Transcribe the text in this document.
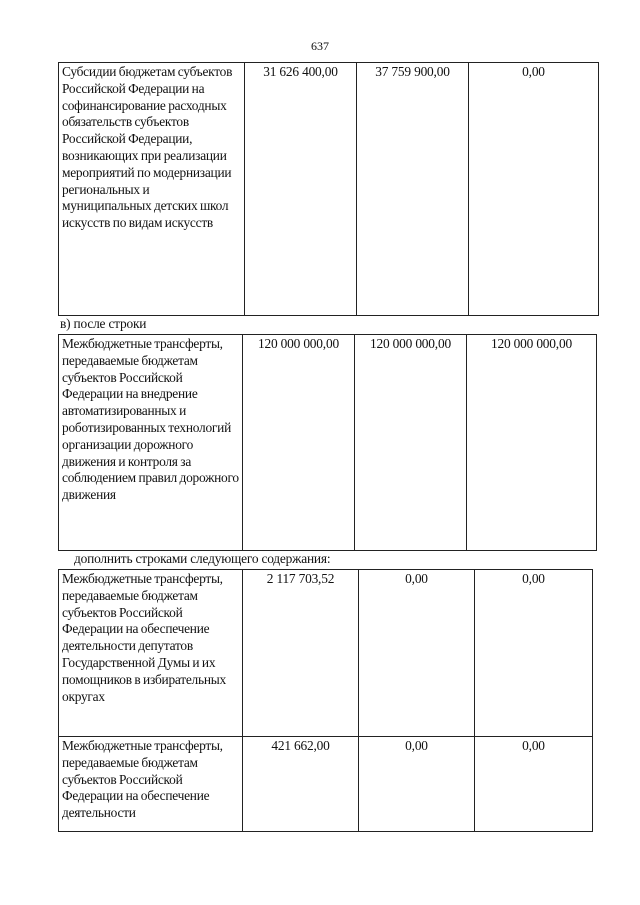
637
Субсидии бюджетам субъектов Российской Федерации на софинансирование расходных обязательств субъектов Российской Федерации, возникающих при реализации мероприятий по модернизации региональных и муниципальных детских школ искусств по видам искусств	31 626 400,00	37 759 900,00	0,00
в) после строки
Межбюджетные трансферты, передаваемые бюджетам субъектов Российской Федерации на внедрение автоматизированных и роботизированных технологий организации дорожного движения и контроля за соблюдением правил дорожного движения	120 000 000,00	120 000 000,00	120 000 000,00
дополнить строками следующего содержания:
Межбюджетные трансферты, передаваемые бюджетам субъектов Российской Федерации на обеспечение деятельности депутатов Государственной Думы и их помощников в избирательных округах	2 117 703,52	0,00	0,00
Межбюджетные трансферты, передаваемые бюджетам субъектов Российской Федерации на обеспечение деятельности	421 662,00	0,00	0,00
